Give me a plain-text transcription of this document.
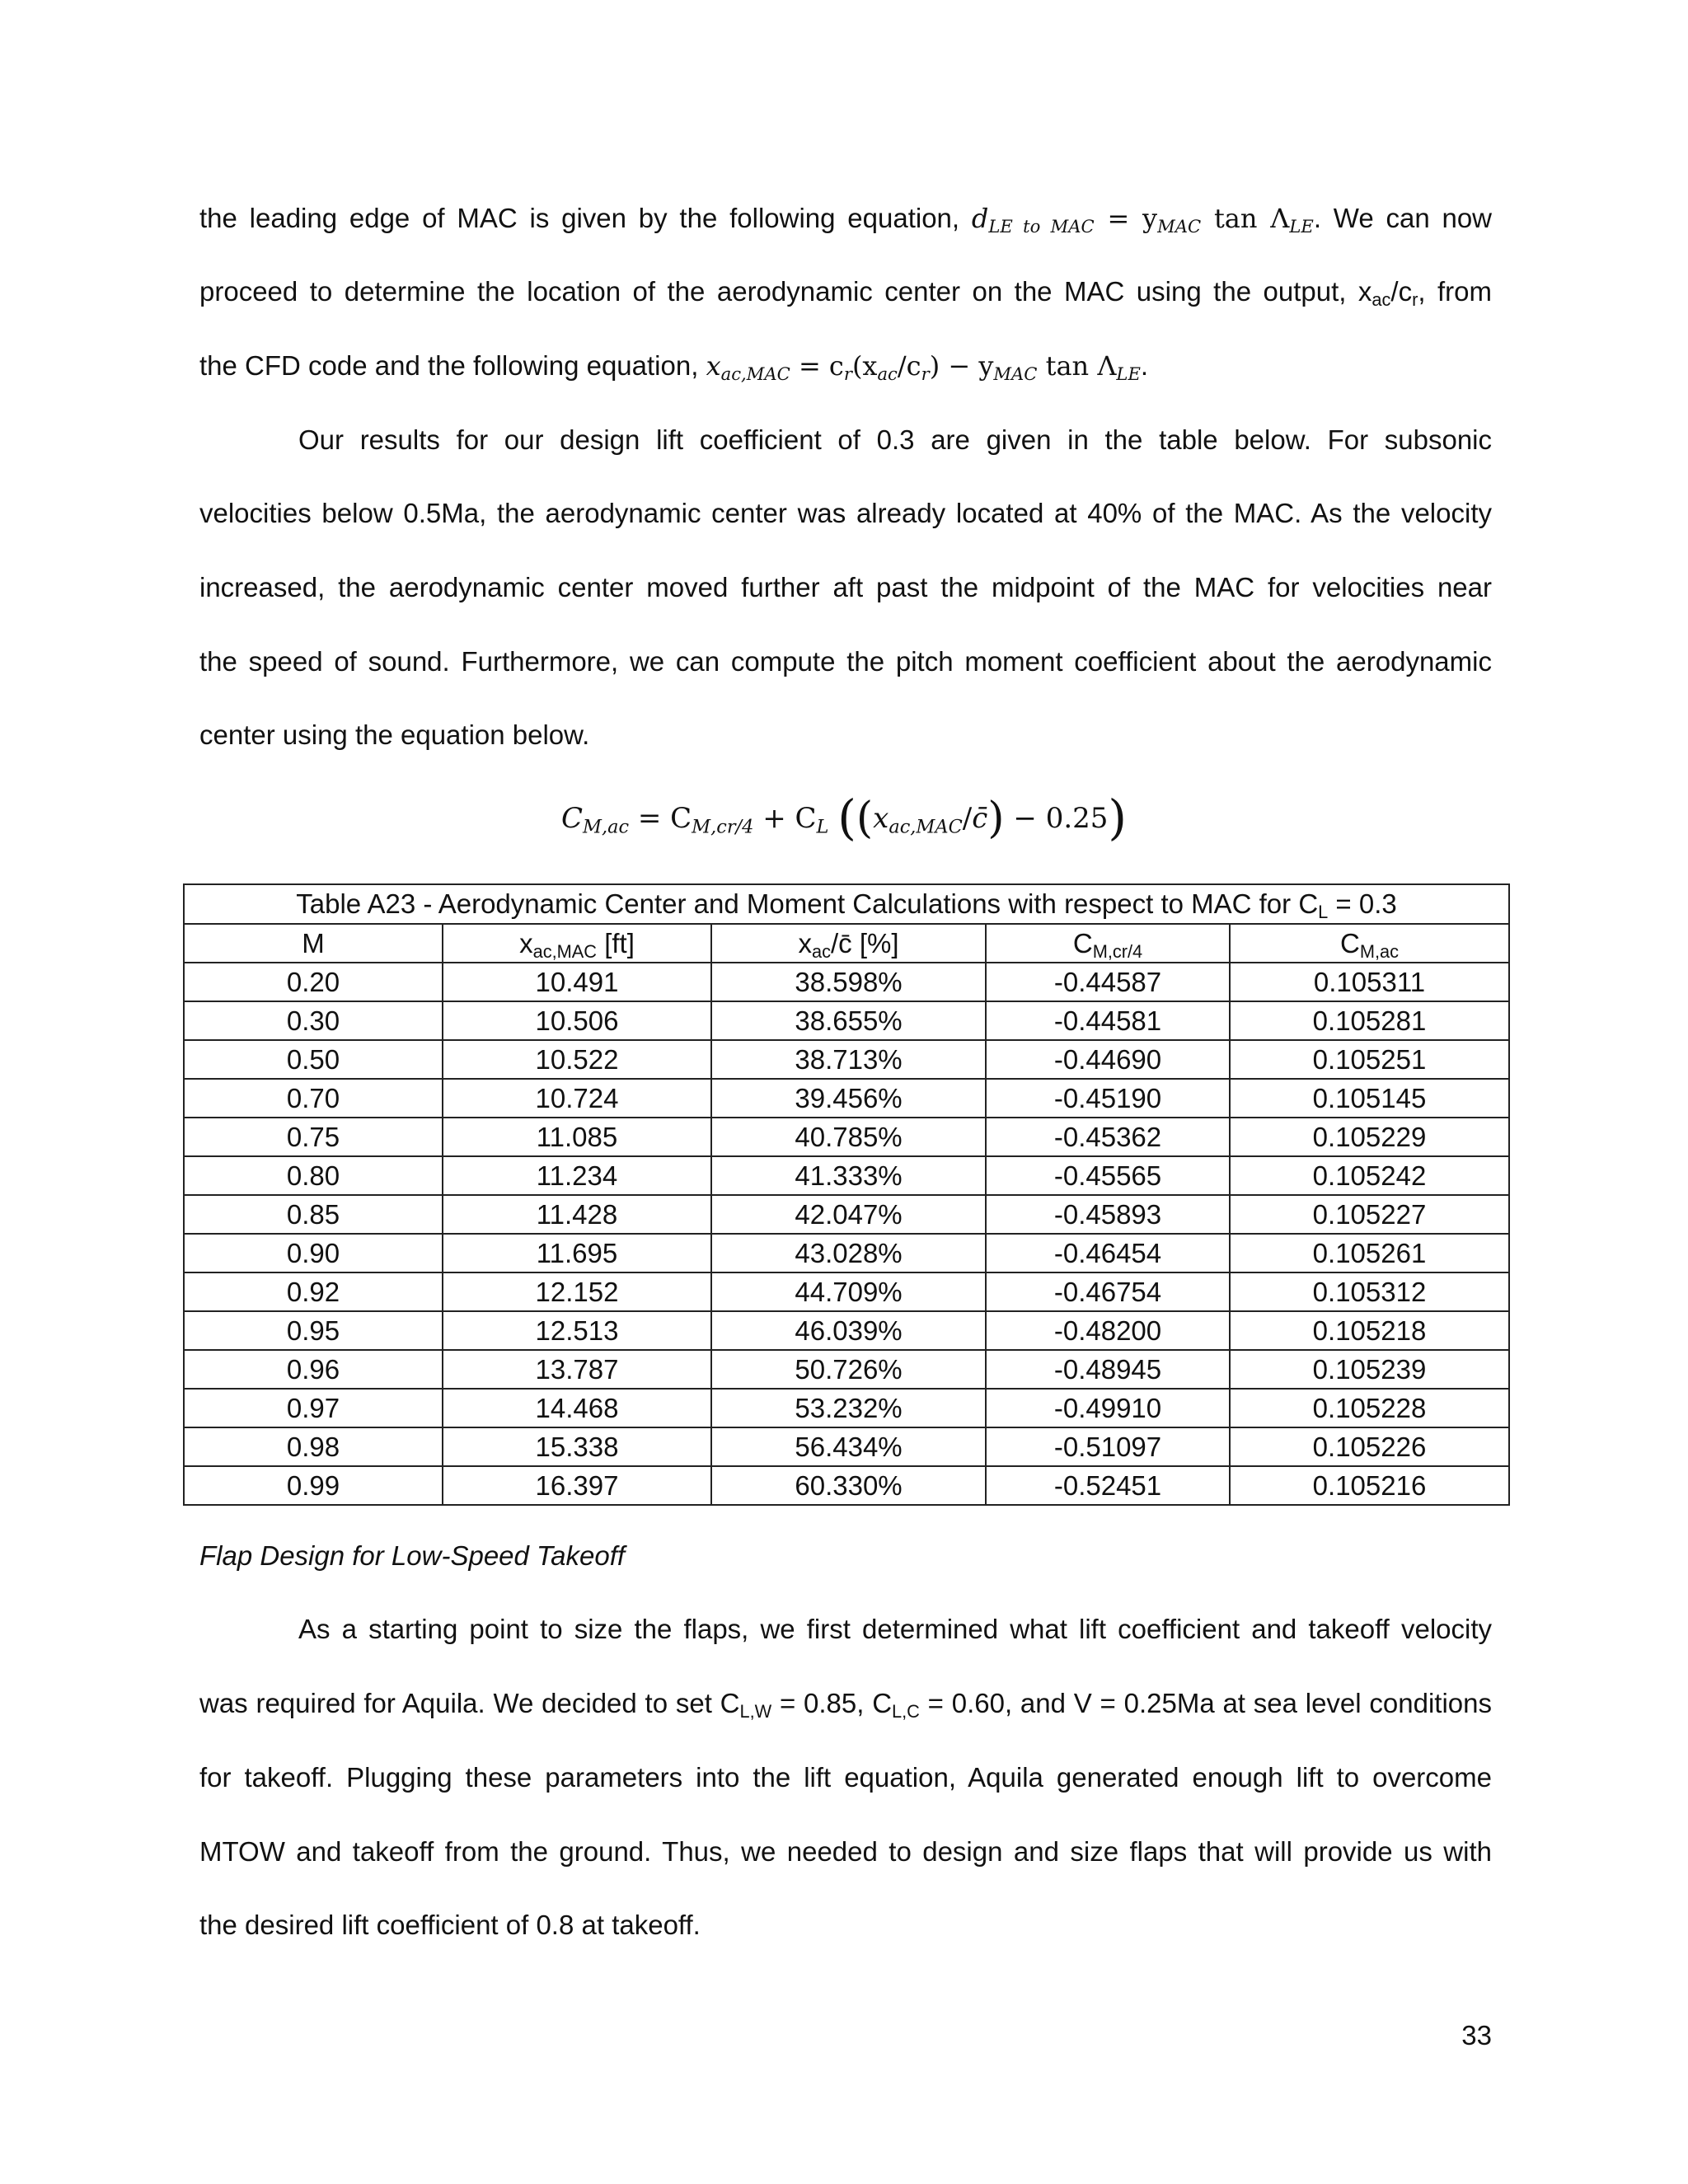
the leading edge of MAC is given by the following equation, $d_{LE to MAC} = y_{MAC}$ $\tan \Lambda_{LE}$. We can now
proceed to determine the location of the aerodynamic center on the MAC using the output, $x_{ac}/c_r$, from
the CFD code and the following equation, $x_{ac,MAC} = c_r(x_{ac}/c_r) - y_{MAC}$ $\tan \Lambda_{LE}$.
Our results for our design lift coefficient of 0.3 are given in the table below. For subsonic
velocities below 0.5Ma, the aerodynamic center was already located at 40% of the MAC. As the velocity
increased, the aerodynamic center moved further aft past the midpoint of the MAC for velocities near
the speed of sound. Furthermore, we can compute the pitch moment coefficient about the aerodynamic
center using the equation below.
$C_{M,ac} = C_{M,cr/4} + C_L$ $((x_{ac,MAC}/c̄) - 0.25)$
Table A23 - Aerodynamic Center and Moment Calculations with respect to MAC for $C_L = 0.3$				
M	$x_{ac,MAC}$ [ft]	$x_{ac}/c̄$ [%]	$C_{M,cr/4}$	$C_{M,ac}$
0.20	10.491	38.598%	-0.44587	0.105311
0.30	10.506	38.655%	-0.44581	0.105281
0.50	10.522	38.713%	-0.44690	0.105251
0.70	10.724	39.456%	-0.45190	0.105145
0.75	11.085	40.785%	-0.45362	0.105229
0.80	11.234	41.333%	-0.45565	0.105242
0.85	11.428	42.047%	-0.45893	0.105227
0.90	11.695	43.028%	-0.46454	0.105261
0.92	12.152	44.709%	-0.46754	0.105312
0.95	12.513	46.039%	-0.48200	0.105218
0.96	13.787	50.726%	-0.48945	0.105239
0.97	14.468	53.232%	-0.49910	0.105228
0.98	15.338	56.434%	-0.51097	0.105226
0.99	16.397	60.330%	-0.52451	0.105216
Flap Design for Low-Speed Takeoff
As a starting point to size the flaps, we first determined what lift coefficient and takeoff velocity
was required for Aquila. We decided to set $C_{L,W} = 0.85$, $C_{L,C} = 0.60$, and V = 0.25Ma at sea level conditions
for takeoff. Plugging these parameters into the lift equation, Aquila generated enough lift to overcome
MTOW and takeoff from the ground. Thus, we needed to design and size flaps that will provide us with
the desired lift coefficient of 0.8 at takeoff.
33
